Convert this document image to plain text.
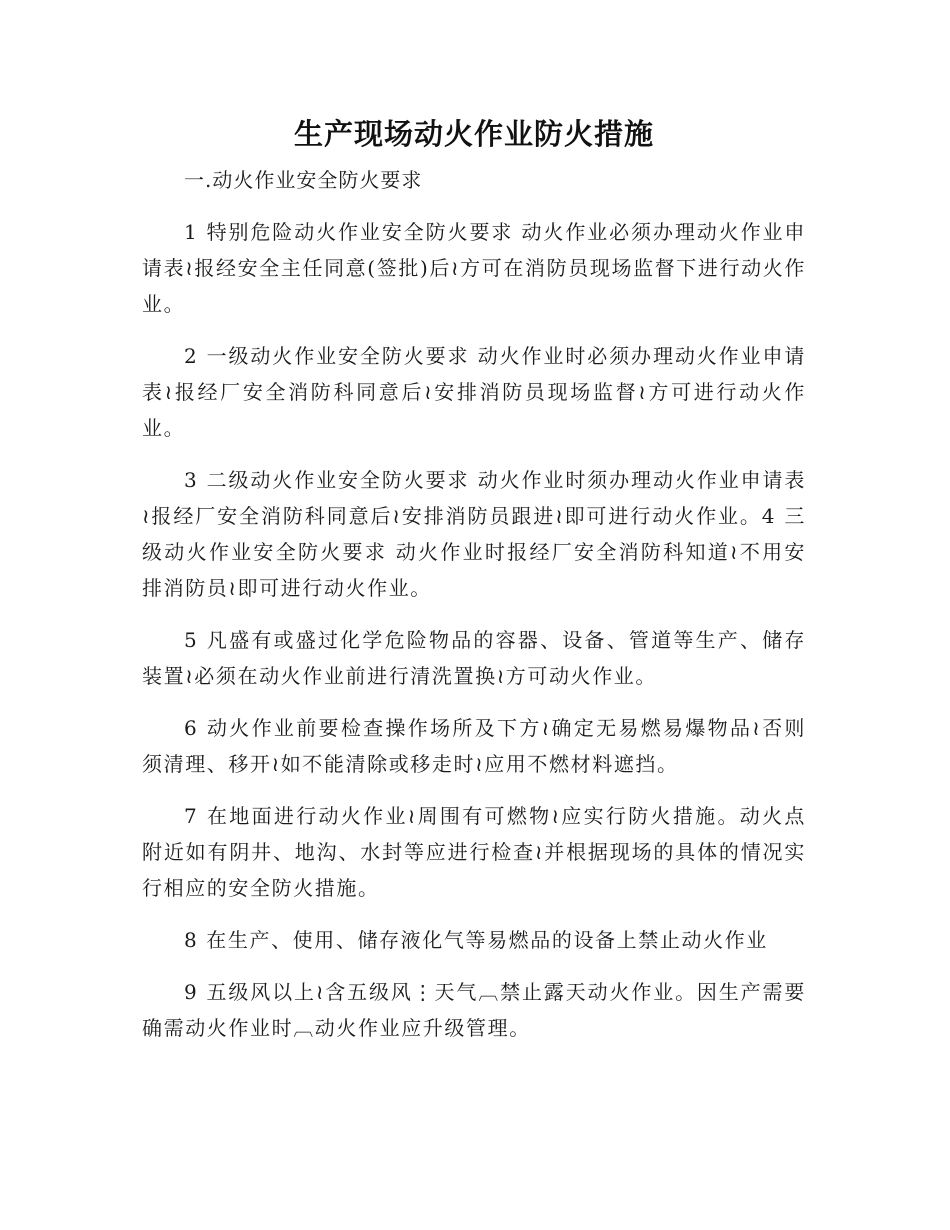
生产现场动火作业防火措施

一.动火作业安全防火要求

1 特别危险动火作业安全防火要求 动火作业必须办理动火作业申请表≀报经安全主任同意(签批)后≀方可在消防员现场监督下进行动火作业。

2 一级动火作业安全防火要求 动火作业时必须办理动火作业申请表≀报经厂安全消防科同意后≀安排消防员现场监督≀方可进行动火作业。

3 二级动火作业安全防火要求 动火作业时须办理动火作业申请表≀报经厂安全消防科同意后≀安排消防员跟进≀即可进行动火作业。4 三级动火作业安全防火要求 动火作业时报经厂安全消防科知道≀不用安排消防员≀即可进行动火作业。

5 凡盛有或盛过化学危险物品的容器、设备、管道等生产、储存装置≀必须在动火作业前进行清洗置换≀方可动火作业。

6 动火作业前要检查操作场所及下方≀确定无易燃易爆物品≀否则须清理、移开≀如不能清除或移走时≀应用不燃材料遮挡。

7 在地面进行动火作业≀周围有可燃物≀应实行防火措施。动火点附近如有阴井、地沟、水封等应进行检查≀并根据现场的具体的情况实行相应的安全防火措施。

8 在生产、使用、储存液化气等易燃品的设备上禁止动火作业

9 五级风以上≀含五级风⋮天气︹禁止露天动火作业。因生产需要确需动火作业时︹动火作业应升级管理。
